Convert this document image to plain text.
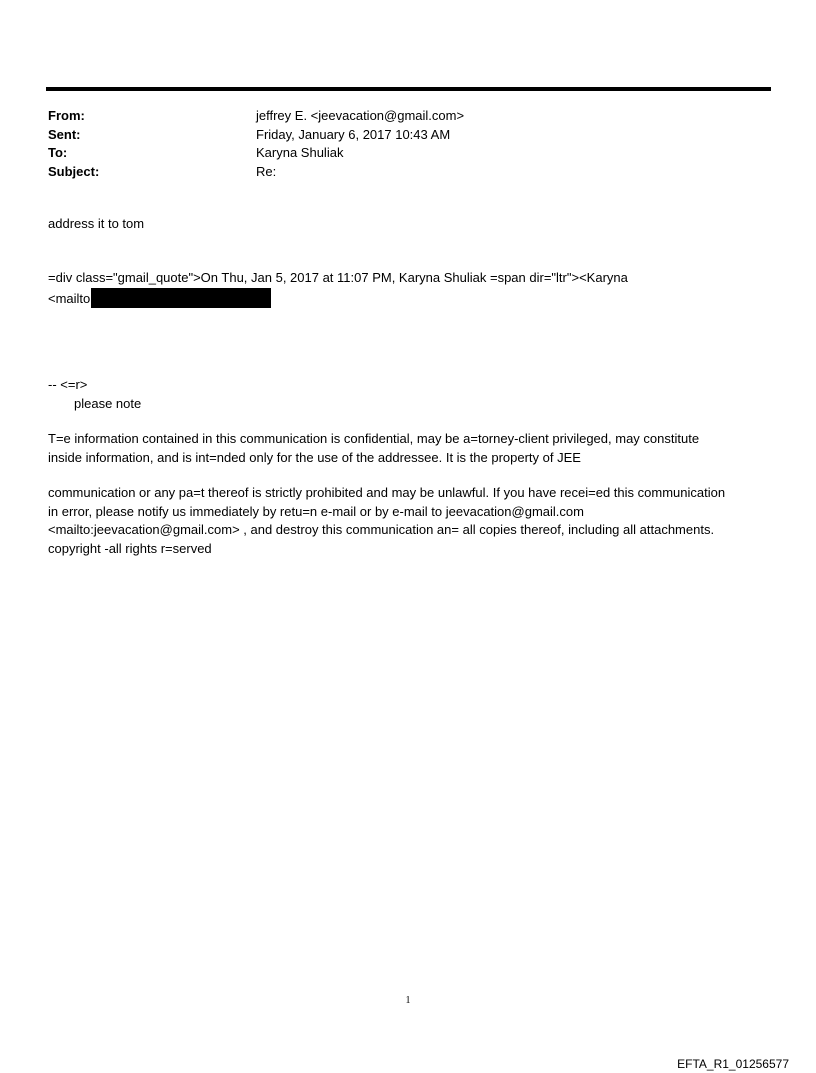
From:	jeffrey E. <jeevacation@gmail.com>
Sent:	Friday, January 6, 2017 10:43 AM
To:	Karyna Shuliak
Subject:	Re:
address it to tom
=div class="gmail_quote">On Thu, Jan 5, 2017 at 11:07 PM, Karyna Shuliak =span dir="ltr"><Karyna
<mailto
-- <=r>
please note
T=e information contained in this communication is confidential, may be a=torney-client privileged, may constitute
inside information, and is int=nded only for the use of the addressee. It is the property of JEE
communication or any pa=t thereof is strictly prohibited and may be unlawful. If you have recei=ed this communication
in error, please notify us immediately by retu=n e-mail or by e-mail to jeevacation@gmail.com
<mailto:jeevacation@gmail.com> , and destroy this communication an= all copies thereof, including all attachments.
copyright -all rights r=served
1
EFTA_R1_01256577
